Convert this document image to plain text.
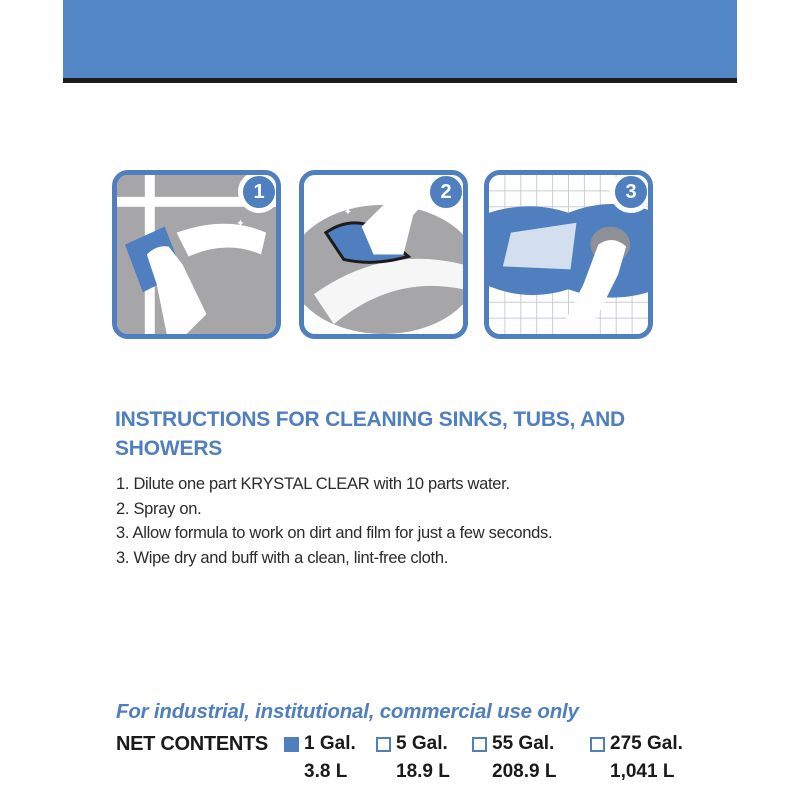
✦
1
✦
2	3
INSTRUCTIONS FOR CLEANING SINKS, TUBS, AND SHOWERS
1. Dilute one part KRYSTAL CLEAR with 10 parts water.
2. Spray on.
3. Allow formula to work on dirt and film for just a few seconds.
3. Wipe dry and buff with a clean, lint-free cloth.
For industrial, institutional, commercial use only
NET CONTENTS 1 Gal.
3.8 L
5 Gal.
18.9 L
55 Gal.
208.9 L
275 Gal.
1,041 L
